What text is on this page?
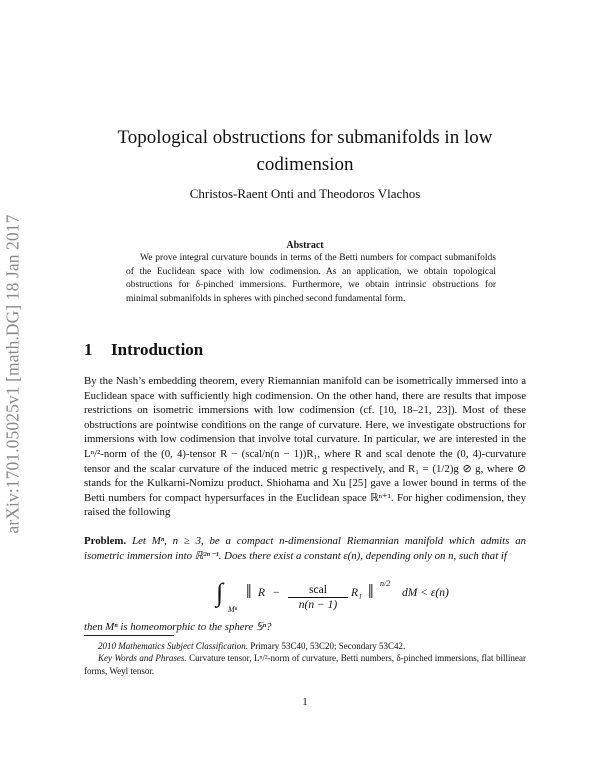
arXiv:1701.05025v1 [math.DG] 18 Jan 2017
Topological obstructions for submanifolds in low codimension
Christos-Raent Onti and Theodoros Vlachos
Abstract
We prove integral curvature bounds in terms of the Betti numbers for compact submanifolds of the Euclidean space with low codimension. As an application, we obtain topological obstructions for δ-pinched immersions. Furthermore, we obtain intrinsic obstructions for minimal submanifolds in spheres with pinched second fundamental form.
1 Introduction
By the Nash’s embedding theorem, every Riemannian manifold can be isometrically immersed into a Euclidean space with sufficiently high codimension. On the other hand, there are results that impose restrictions on isometric immersions with low codimension (cf. [10, 18–21, 23]). Most of these obstructions are pointwise conditions on the range of curvature. Here, we investigate obstructions for immersions with low codimension that involve total curvature. In particular, we are interested in the Lⁿ/²-norm of the (0, 4)-tensor R − (scal/n(n − 1))R₁, where R and scal denote the (0, 4)-curvature tensor and the scalar curvature of the induced metric g respectively, and R₁ = (1/2)g ⊘ g, where ⊘ stands for the Kulkarni-Nomizu product. Shiohama and Xu [25] gave a lower bound in terms of the Betti numbers for compact hypersurfaces in the Euclidean space ℝⁿ⁺¹. For higher codimension, they raised the following
Problem. Let Mⁿ, n ≥ 3, be a compact n-dimensional Riemannian manifold which admits an isometric immersion into ℝ²ⁿ⁻¹. Does there exist a constant ε(n), depending only on n, such that if
∫
Mⁿ
‖ R −	scal
n(n − 1)
R₁ ‖ n/2
dM < ε(n)
then Mⁿ is homeomorphic to the sphere 𝕊ⁿ?

2010 Mathematics Subject Classification. Primary 53C40, 53C20; Secondary 53C42.

Key Words and Phrases. Curvature tensor, Lⁿ/²-norm of curvature, Betti numbers, δ-pinched immersions, flat billinear forms, Weyl tensor.

1
